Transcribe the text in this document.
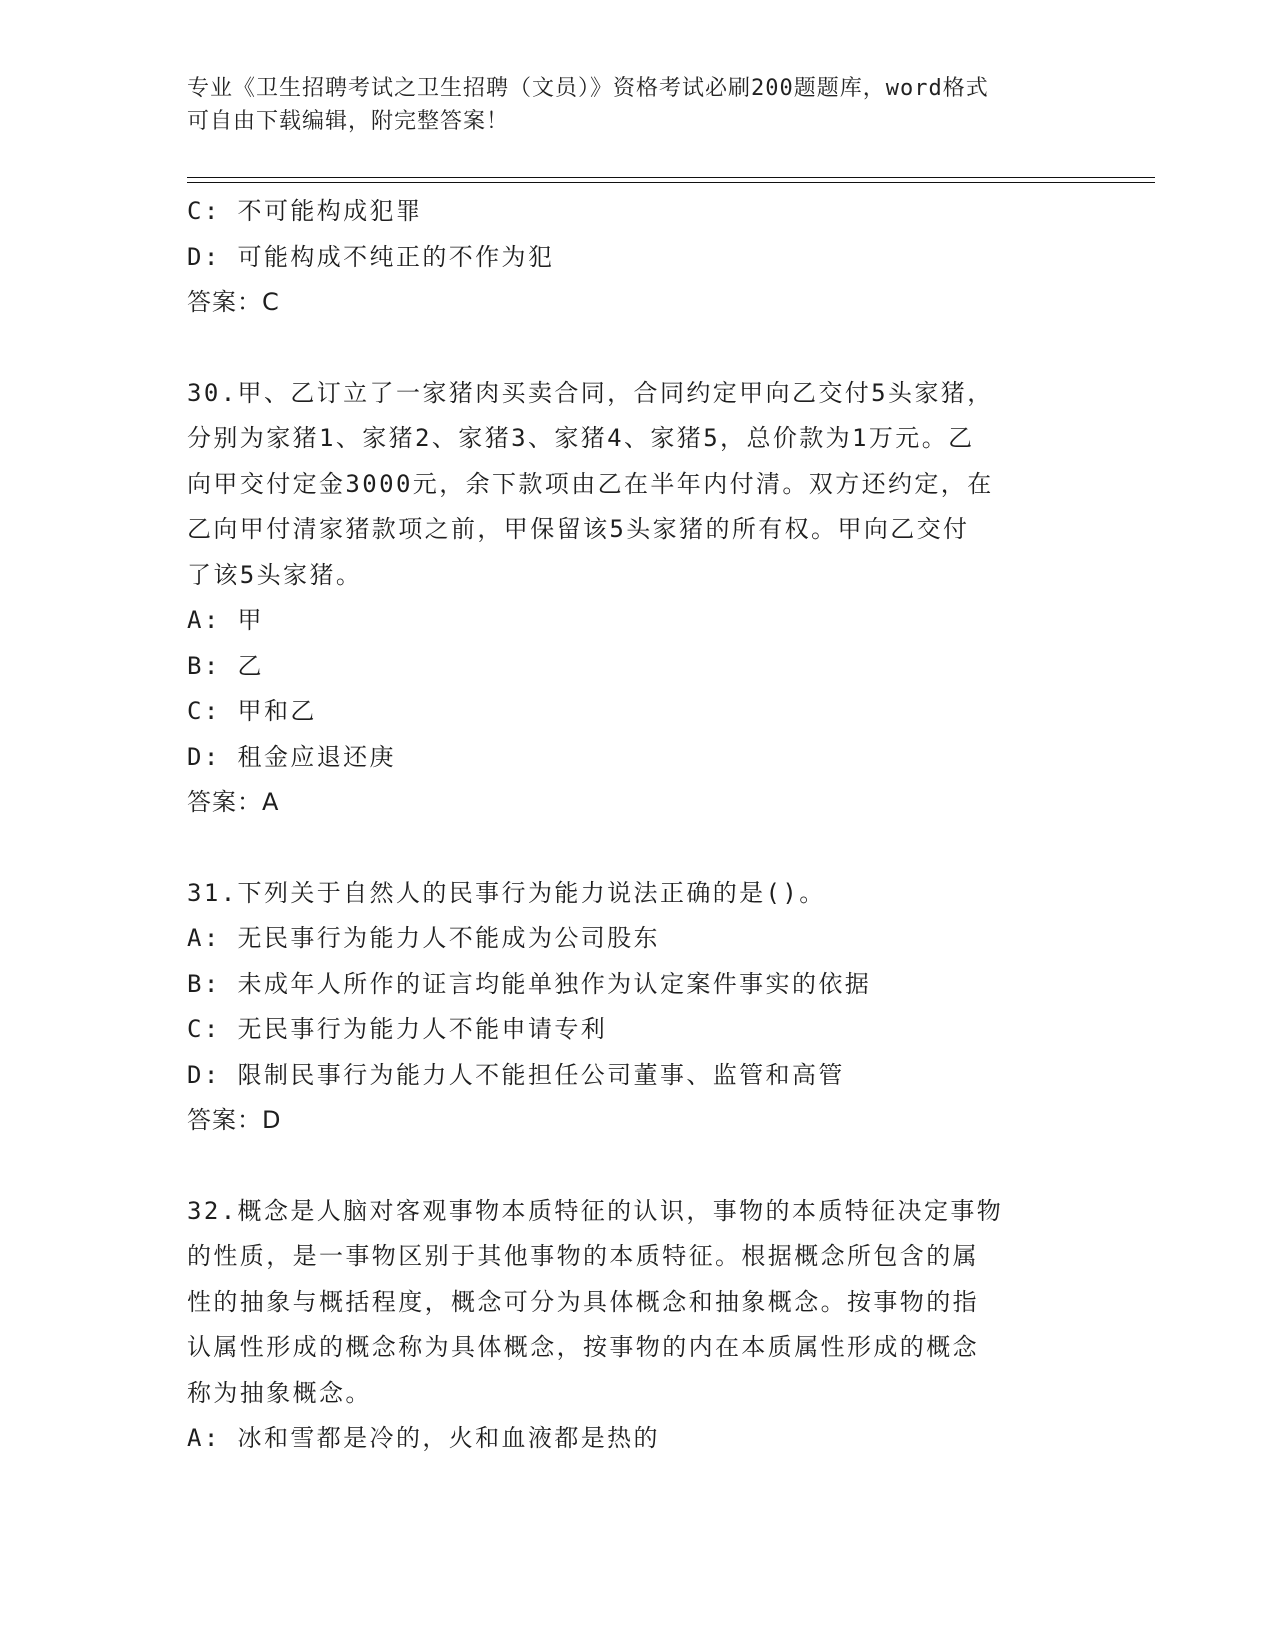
专业《卫生招聘考试之卫生招聘（文员）》资格考试必刷200题题库，word格式
可自由下载编辑，附完整答案！
C: 不可能构成犯罪
D: 可能构成不纯正的不作为犯
答案：C
30.甲、乙订立了一家猪肉买卖合同，合同约定甲向乙交付5头家猪，
分别为家猪1、家猪2、家猪3、家猪4、家猪5，总价款为1万元。乙
向甲交付定金3000元，余下款项由乙在半年内付清。双方还约定，在
乙向甲付清家猪款项之前，甲保留该5头家猪的所有权。甲向乙交付
了该5头家猪。
A: 甲
B: 乙
C: 甲和乙
D: 租金应退还庚
答案：A
31.下列关于自然人的民事行为能力说法正确的是()。
A: 无民事行为能力人不能成为公司股东
B: 未成年人所作的证言均能单独作为认定案件事实的依据
C: 无民事行为能力人不能申请专利
D: 限制民事行为能力人不能担任公司董事、监管和高管
答案：D
32.概念是人脑对客观事物本质特征的认识，事物的本质特征决定事物
的性质，是一事物区别于其他事物的本质特征。根据概念所包含的属
性的抽象与概括程度，概念可分为具体概念和抽象概念。按事物的指
认属性形成的概念称为具体概念，按事物的内在本质属性形成的概念
称为抽象概念。
A: 冰和雪都是冷的，火和血液都是热的
